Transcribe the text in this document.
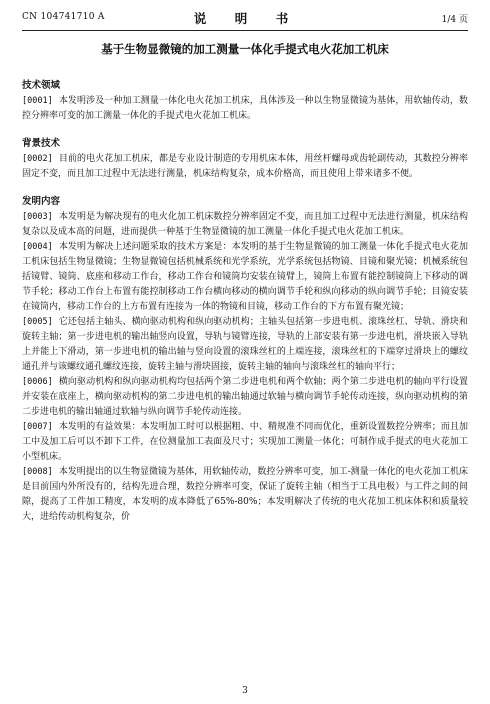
CN 104741710 A	说　明　书	1/4 页
基于生物显微镜的加工测量一体化手提式电火花加工机床
技术领域

[0001] 本发明涉及一种加工测量一体化电火花加工机床，具体涉及一种以生物显微镜为基体，用软轴传动，数控分辨率可变的加工测量一体化的手提式电火花加工机床。

背景技术

[0002] 目前的电火花加工机床，都是专业设计制造的专用机床本体，用丝杆螺母或齿轮副传动，其数控分辨率固定不变，而且加工过程中无法进行测量，机床结构复杂，成本价格高，而且使用上带来诸多不便。

发明内容

[0003] 本发明是为解决现有的电火化加工机床数控分辨率固定不变，而且加工过程中无法进行测量，机床结构复杂以及成本高的问题，进而提供一种基于生物显微镜的加工测量一体化手提式电火花加工机床。

[0004] 本发明为解决上述问题采取的技术方案是：本发明的基于生物显微镜的加工测量一体化手提式电火花加工机床包括生物显微镜；生物显微镜包括机械系统和光学系统，光学系统包括物镜、目镜和聚光镜；机械系统包括镜臂、镜筒、底座和移动工作台，移动工作台和镜筒均安装在镜臂上，镜筒上布置有能控制镜筒上下移动的调节手轮；移动工作台上布置有能控制移动工作台横向移动的横向调节手轮和纵向移动的纵向调节手轮；目镜安装在镜筒内，移动工作台的上方布置有连接为一体的物镜和目镜，移动工作台的下方布置有聚光镜；

[0005] 它还包括主轴头、横向驱动机构和纵向驱动机构；主轴头包括第一步进电机、滚珠丝杠、导轨、滑块和旋转主轴；第一步进电机的输出轴竖向设置，导轨与镜臂连接，导轨的上部安装有第一步进电机，滑块嵌入导轨上并能上下滑动，第一步进电机的输出轴与竖向设置的滚珠丝杠的上端连接，滚珠丝杠的下端穿过滑块上的螺纹通孔并与该螺纹通孔螺纹连接，旋转主轴与滑块固接，旋转主轴的轴向与滚珠丝杠的轴向平行；

[0006] 横向驱动机构和纵向驱动机构均包括两个第二步进电机和两个软轴；两个第二步进电机的轴向平行设置并安装在底座上，横向驱动机构的第二步进电机的输出轴通过软轴与横向调节手轮传动连接，纵向驱动机构的第二步进电机的输出轴通过软轴与纵向调节手轮传动连接。

[0007] 本发明的有益效果：本发明加工时可以根据粗、中、精规准不同而优化，重新设置数控分辨率；而且加工中及加工后可以不卸下工件，在位测量加工表面及尺寸；实现加工测量一体化；可制作成手提式的电火花加工小型机床。

[0008] 本发明提出的以生物显微镜为基体，用软轴传动，数控分辨率可变，加工-测量一体化的电火花加工机床是目前国内外所没有的，结构先进合理，数控分辨率可变，保证了旋转主轴（相当于工具电极）与工件之间的间隙，提高了工件加工精度，本发明的成本降低了65%-80%；本发明解决了传统的电火花加工机床体积和质量较大，进给传动机构复杂，价

3
